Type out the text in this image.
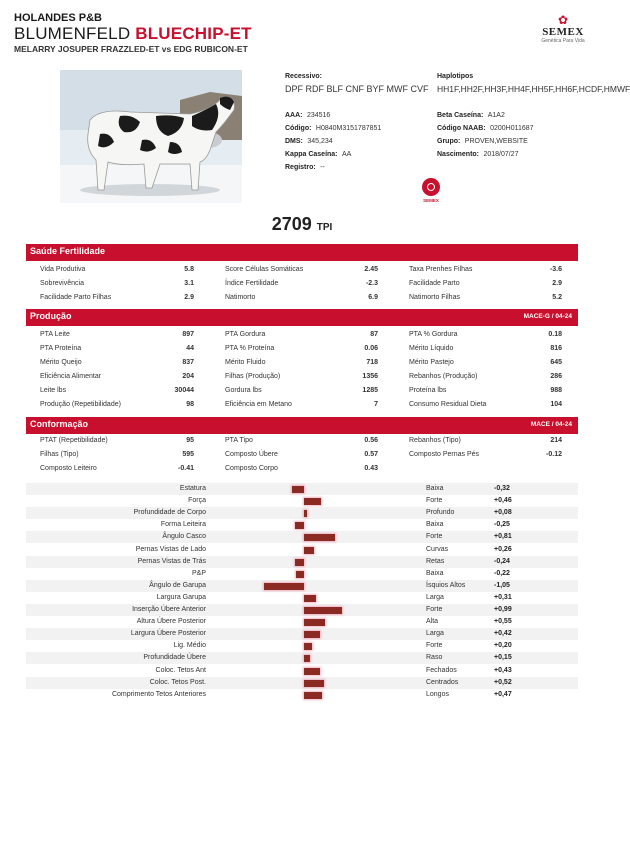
HOLANDES P&B
BLUMENFELD BLUECHIP-ET
MELARRY JOSUPER FRAZZLED-ET vs EDG RUBICON-ET
✿
SEMEX
Genética Para Vida
Recessivo:
DPF RDF BLF CNF BYF MWF CVF
Haplotipos
HH1F,HH2F,HH3F,HH4F,HH5F,HH6F,HCDF,HMWF
AAA: 234516
Código: H0840M3151787851
DMS: 345,234
Kappa Caseína: AA
Registro: --
Beta Caseína: A1A2
Código NAAB: 0200H011687
Grupo: PROVEN,WEBSITE
Nascimento: 2018/07/27
SEMEX
2709 TPI
Saúde Fertilidade
Vida Produtiva	5.8	Score Células Somáticas	2.45	Taxa Prenhes Filhas	-3.6
Sobrevivência	3.1	Índice Fertilidade	-2.3	Facilidade Parto	2.9
Facilidade Parto Filhas	2.9	Natimorto	6.9	Natimorto Filhas	5.2
Produção	MACE-G / 04-24
PTA Leite	897	PTA Gordura	87	PTA % Gordura	0.18
PTA Proteína	44	PTA % Proteína	0.06	Mérito Líquido	816
Mérito Queijo	837	Mérito Fluido	718	Mérito Pastejo	645
Eficiência Alimentar	204	Filhas (Produção)	1356	Rebanhos (Produção)	286
Leite lbs	30044	Gordura lbs	1285	Proteína lbs	988
Produção (Repetibilidade)	98	Eficiência em Metano	7	Consumo Residual Dieta	104
Conformação	MACE / 04-24
PTAT (Repetibilidade)	95	PTA Tipo	0.56	Rebanhos (Tipo)	214
Filhas (Tipo)	595	Composto Úbere	0.57	Composto Pernas Pés	-0.12
Composto Leiteiro	-0.41	Composto Corpo	0.43
Estatura	Baixa	-0,32
Força	Forte	+0,46
Profundidade de Corpo	Profundo	+0,08
Forma Leiteira	Baixa	-0,25
Ângulo Casco	Forte	+0,81
Pernas Vistas de Lado	Curvas	+0,26
Pernas Vistas de Trás	Retas	-0,24
P&P	Baixa	-0,22
Ângulo de Garupa	Ísquios Altos	-1,05
Largura Garupa	Larga	+0,31
Inserção Úbere Anterior	Forte	+0,99
Altura Úbere Posterior	Alta	+0,55
Largura Úbere Posterior	Larga	+0,42
Lig. Médio	Forte	+0,20
Profundidade Úbere	Raso	+0,15
Coloc. Tetos Ant	Fechados	+0,43
Coloc. Tetos Post.	Centrados	+0,52
Comprimento Tetos Anteriores	Longos	+0,47
